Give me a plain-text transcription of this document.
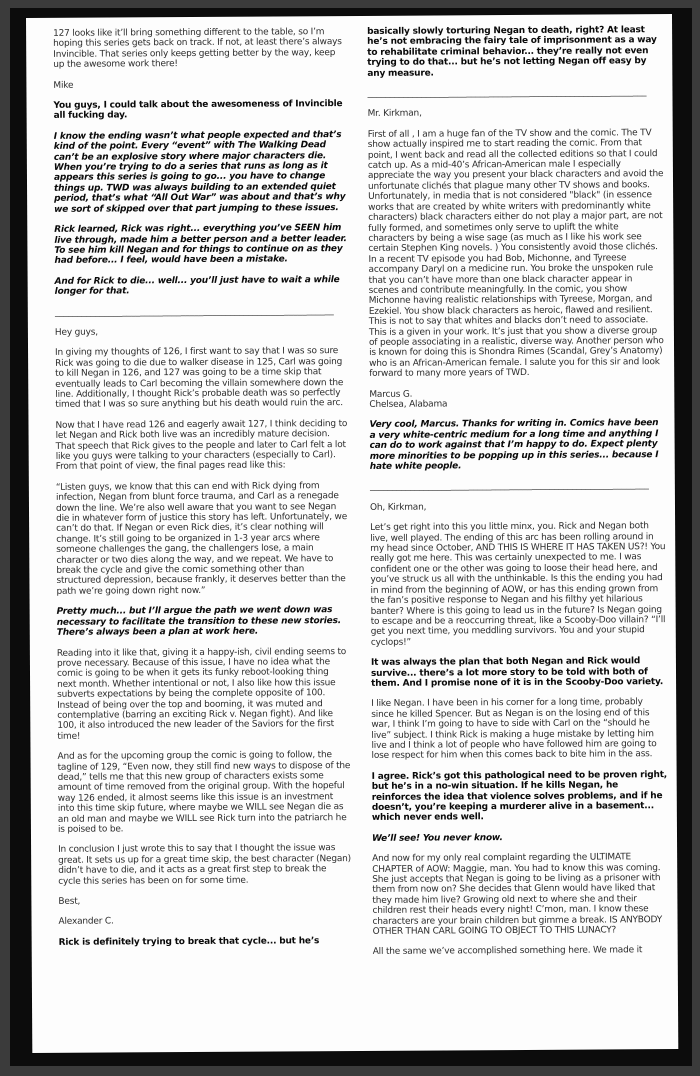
127 looks like it’ll bring something different to the table, so I’m hoping this series gets back on track. If not, at least there’s always Invincible. That series only keeps getting better by the way, keep up the awesome work there!

Mike

You guys, I could talk about the awesomeness of Invincible all fucking day.

I know the ending wasn’t what people expected and that’s kind of the point. Every “event” with The Walking Dead can’t be an explosive story where major characters die. When you’re trying to do a series that runs as long as it appears this series is going to go... you have to change things up. TWD was always building to an extended quiet period, that’s what “All Out War” was about and that’s why we sort of skipped over that part jumping to these issues.

Rick learned, Rick was right... everything you’ve SEEN him live through, made him a better person and a better leader. To see him kill Negan and for things to continue on as they had before... I feel, would have been a mistake.

And for Rick to die... well... you’ll just have to wait a while longer for that.

______________________________________________________________

Hey guys,

In giving my thoughts of 126, I first want to say that I was so sure Rick was going to die due to walker disease in 125, Carl was going to kill Negan in 126, and 127 was going to be a time skip that eventually leads to Carl becoming the villain somewhere down the line. Additionally, I thought Rick’s probable death was so perfectly timed that I was so sure anything but his death would ruin the arc.

Now that I have read 126 and eagerly await 127, I think deciding to let Negan and Rick both live was an incredibly mature decision. That speech that Rick gives to the people and later to Carl felt a lot like you guys were talking to your characters (especially to Carl). From that point of view, the final pages read like this:

“Listen guys, we know that this can end with Rick dying from infection, Negan from blunt force trauma, and Carl as a renegade down the line. We’re also well aware that you want to see Negan die in whatever form of justice this story has left. Unfortunately, we can’t do that. If Negan or even Rick dies, it’s clear nothing will change. It’s still going to be organized in 1-3 year arcs where someone challenges the gang, the challengers lose, a main character or two dies along the way, and we repeat. We have to break the cycle and give the comic something other than structured depression, because frankly, it deserves better than the path we’re going down right now.”

Pretty much... but I’ll argue the path we went down was necessary to facilitate the transition to these new stories. There’s always been a plan at work here.

Reading into it like that, giving it a happy-ish, civil ending seems to prove necessary. Because of this issue, I have no idea what the comic is going to be when it gets its funky reboot-looking thing next month. Whether intentional or not, I also like how this issue subverts expectations by being the complete opposite of 100. Instead of being over the top and booming, it was muted and contemplative (barring an exciting Rick v. Negan fight). And like 100, it also introduced the new leader of the Saviors for the first time!

And as for the upcoming group the comic is going to follow, the tagline of 129, “Even now, they still find new ways to dispose of the dead,” tells me that this new group of characters exists some amount of time removed from the original group. With the hopeful way 126 ended, it almost seems like this issue is an investment into this time skip future, where maybe we WILL see Negan die as an old man and maybe we WILL see Rick turn into the patriarch he is poised to be.

In conclusion I just wrote this to say that I thought the issue was great. It sets us up for a great time skip, the best character (Negan) didn’t have to die, and it acts as a great first step to break the cycle this series has been on for some time.

Best,

Alexander C.

Rick is definitely trying to break that cycle... but he’s

basically slowly torturing Negan to death, right? At least he’s not embracing the fairy tale of imprisonment as a way to rehabilitate criminal behavior... they’re really not even trying to do that... but he’s not letting Negan off easy by any measure.

______________________________________________________________

Mr. Kirkman,

First of all , I am a huge fan of the TV show and the comic. The TV show actually inspired me to start reading the comic. From that point, I went back and read all the collected editions so that I could catch up. As a mid-40’s African-American male I especially appreciate the way you present your black characters and avoid the unfortunate clichés that plague many other TV shows and books. Unfortunately, in media that is not considered "black" (in essence works that are created by white writers with predominantly white characters) black characters either do not play a major part, are not fully formed, and sometimes only serve to uplift the white characters by being a wise sage (as much as I like his work see certain Stephen King novels. ) You consistently avoid those clichés. In a recent TV episode you had Bob, Michonne, and Tyreese accompany Daryl on a medicine run. You broke the unspoken rule that you can’t have more than one black character appear in scenes and contribute meaningfully. In the comic, you show Michonne having realistic relationships with Tyreese, Morgan, and Ezekiel. You show black characters as heroic, flawed and resilient. This is not to say that whites and blacks don’t need to associate. This is a given in your work. It’s just that you show a diverse group of people associating in a realistic, diverse way. Another person who is known for doing this is Shondra Rimes (Scandal, Grey’s Anatomy) who is an African-American female. I salute you for this sir and look forward to many more years of TWD.

Marcus G.
Chelsea, Alabama

Very cool, Marcus. Thanks for writing in. Comics have been a very white-centric medium for a long time and anything I can do to work against that I’m happy to do. Expect plenty more minorities to be popping up in this series... because I hate white people.

______________________________________________________________

Oh, Kirkman,

Let’s get right into this you little minx, you. Rick and Negan both live, well played. The ending of this arc has been rolling around in my head since October, AND THIS IS WHERE IT HAS TAKEN US?! You really got me here. This was certainly unexpected to me. I was confident one or the other was going to loose their head here, and you’ve struck us all with the unthinkable. Is this the ending you had in mind from the beginning of AOW, or has this ending grown from the fan’s positive response to Negan and his filthy yet hilarious banter? Where is this going to lead us in the future? Is Negan going to escape and be a reoccurring threat, like a Scooby-Doo villain? “I’ll get you next time, you meddling survivors. You and your stupid cyclops!”

It was always the plan that both Negan and Rick would survive... there’s a lot more story to be told with both of them. And I promise none of it is in the Scooby-Doo variety.

I like Negan. I have been in his corner for a long time, probably since he killed Spencer. But as Negan is on the losing end of this war, I think I’m going to have to side with Carl on the “should he live” subject. I think Rick is making a huge mistake by letting him live and I think a lot of people who have followed him are going to lose respect for him when this comes back to bite him in the ass.

I agree. Rick’s got this pathological need to be proven right, but he’s in a no-win situation. If he kills Negan, he reinforces the idea that violence solves problems, and if he doesn’t, you’re keeping a murderer alive in a basement... which never ends well.

We’ll see! You never know.

And now for my only real complaint regarding the ULTIMATE CHAPTER of AOW: Maggie, man. You had to know this was coming. She just accepts that Negan is going to be living as a prisoner with them from now on? She decides that Glenn would have liked that they made him live? Growing old next to where she and their children rest their heads every night! C’mon, man. I know these characters are your brain children but gimme a break. IS ANYBODY OTHER THAN CARL GOING TO OBJECT TO THIS LUNACY?

All the same we’ve accomplished something here. We made it
